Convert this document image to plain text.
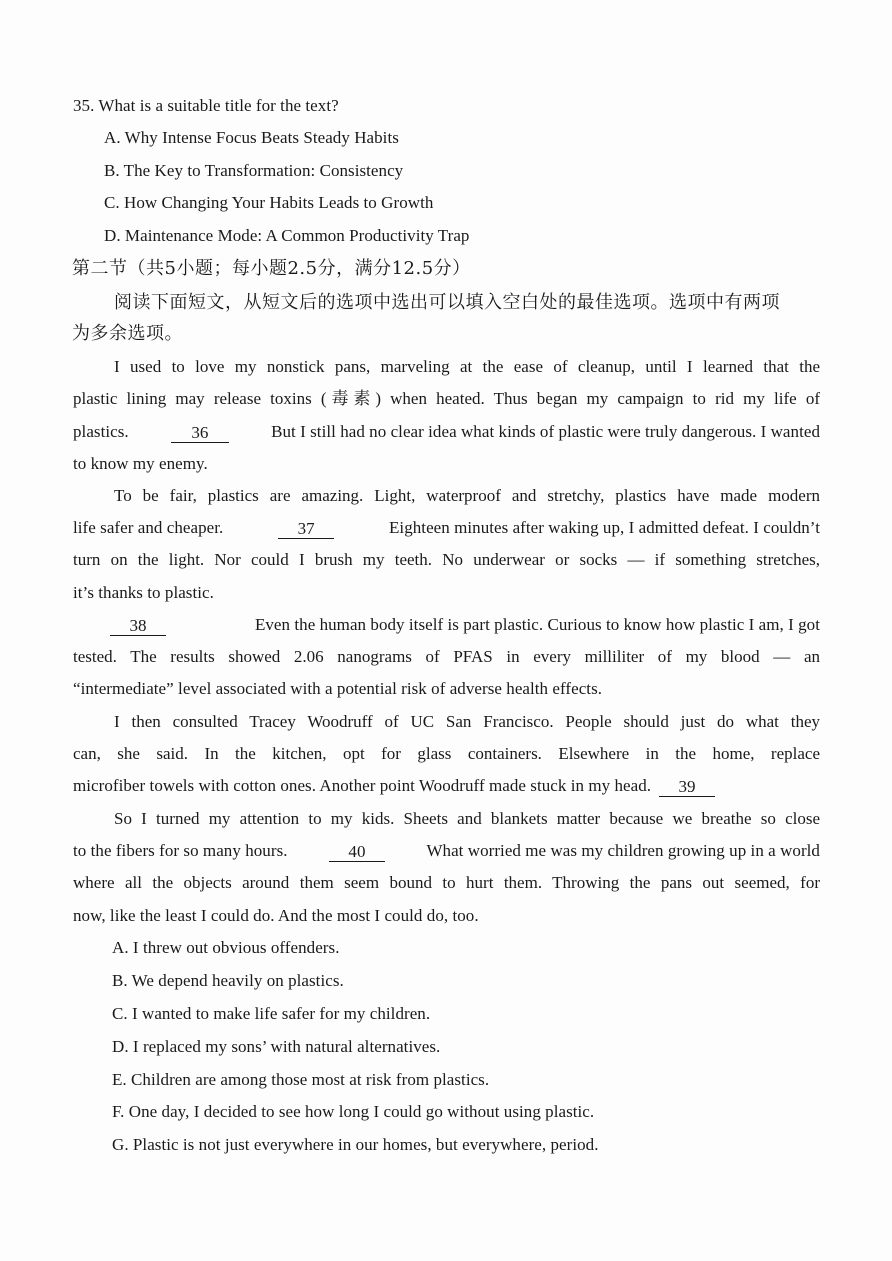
35. What is a suitable title for the text?
A. Why Intense Focus Beats Steady Habits
B. The Key to Transformation: Consistency
C. How Changing Your Habits Leads to Growth
D. Maintenance Mode: A Common Productivity Trap
第二节（共5小题；每小题2.5分，满分12.5分）
阅读下面短文，从短文后的选项中选出可以填入空白处的最佳选项。选项中有两项
为多余选项。
I used to love my nonstick pans, marveling at the ease of cleanup, until I learned that the
plastic lining may release toxins (毒素) when heated. Thus began my campaign to rid my life of
plastics.	36	But I still had no clear idea what kinds of plastic were truly dangerous. I wanted
to know my enemy.
To be fair, plastics are amazing. Light, waterproof and stretchy, plastics have made modern
life safer and cheaper.	37	Eighteen minutes after waking up, I admitted defeat. I couldn’t
turn on the light. Nor could I brush my teeth. No underwear or socks — if something stretches,
it’s thanks to plastic.
38	Even the human body itself is part plastic. Curious to know how plastic I am, I got
tested. The results showed 2.06 nanograms of PFAS in every milliliter of my blood — an
“intermediate” level associated with a potential risk of adverse health effects.
I then consulted Tracey Woodruff of UC San Francisco. People should just do what they
can, she said. In the kitchen, opt for glass containers. Elsewhere in the home, replace
microfiber towels with cotton ones. Another point Woodruff made stuck in my head.	39
So I turned my attention to my kids. Sheets and blankets matter because we breathe so close
to the fibers for so many hours.	40	What worried me was my children growing up in a world
where all the objects around them seem bound to hurt them. Throwing the pans out seemed, for
now, like the least I could do. And the most I could do, too.
A. I threw out obvious offenders.
B. We depend heavily on plastics.
C. I wanted to make life safer for my children.
D. I replaced my sons’ with natural alternatives.
E. Children are among those most at risk from plastics.
F. One day, I decided to see how long I could go without using plastic.
G. Plastic is not just everywhere in our homes, but everywhere, period.
